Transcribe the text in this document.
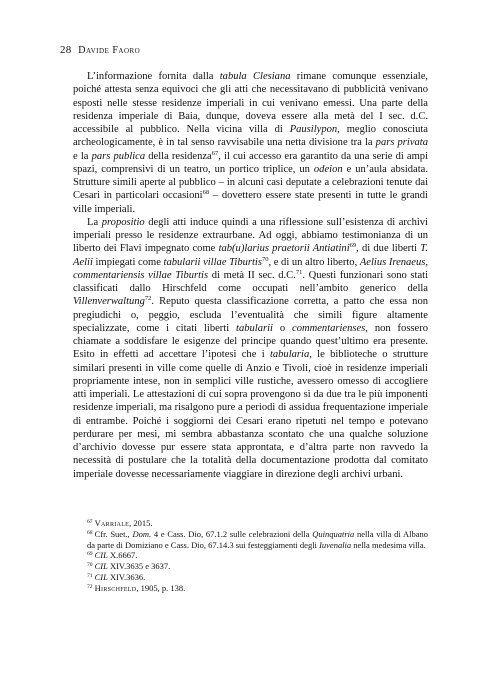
28 Davide Faoro

L’informazione fornita dalla tabula Clesiana rimane comunque essenziale, poiché attesta senza equivoci che gli atti che necessitavano di pubblicità venivano esposti nelle stesse residenze imperiali in cui venivano emessi. Una parte della residenza imperiale di Baia, dunque, doveva essere alla metà del I sec. d.C. accessibile al pubblico. Nella vicina villa di Pausilypon, meglio conosciuta archeologicamente, è in tal senso ravvisabile una netta divisione tra la pars privata e la pars publica della residenza$^{67}$, il cui accesso era garantito da una serie di ampi spazi, comprensivi di un teatro, un portico triplice, un odeion e un’aula absidata. Strutture simili aperte al pubblico – in alcuni casi deputate a celebrazioni tenute dai Cesari in particolari occasioni$^{68}$ – dovettero essere state presenti in tutte le grandi ville imperiali.

La propositio degli atti induce quindi a una riflessione sull’esistenza di archivi imperiali presso le residenze extraurbane. Ad oggi, abbiamo testimonianza di un liberto dei Flavi impegnato come tab(u)larius praetorii Antiatini$^{69}$, di due liberti T. Aelii impiegati come tabularii villae Tiburtis$^{70}$, e di un altro liberto, Aelius Irenaeus, commentariensis villae Tiburtis di metà II sec. d.C.$^{71}$. Questi funzionari sono stati classificati dallo Hirschfeld come occupati nell’ambito generico della Villenverwaltung$^{72}$. Reputo questa classificazione corretta, a patto che essa non pregiudichi o, peggio, escluda l’eventualità che simili figure altamente specializzate, come i citati liberti tabularii o commentarienses, non fossero chiamate a soddisfare le esigenze del principe quando quest’ultimo era presente. Esito in effetti ad accettare l’ipotesi che i tabularia, le biblioteche o strutture similari presenti in ville come quelle di Anzio e Tivoli, cioè in residenze imperiali propriamente intese, non in semplici ville rustiche, avessero omesso di accogliere atti imperiali. Le attestazioni di cui sopra provengono sì da due tra le più imponenti residenze imperiali, ma risalgono pure a periodi di assidua frequentazione imperiale di entrambe. Poiché i soggiorni dei Cesari erano ripetuti nel tempo e potevano perdurare per mesi, mi sembra abbastanza scontato che una qualche soluzione d’archivio dovesse pur essere stata approntata, e d’altra parte non ravvedo la necessità di postulare che la totalità della documentazione prodotta dal comitato imperiale dovesse necessariamente viaggiare in direzione degli archivi urbani.

$^{67}$ Varriale, 2015.

$^{68}$ Cfr. Suet., Dom. 4 e Cass. Dio, 67.1.2 sulle celebrazioni della Quinquatria nella villa di Albano da parte di Domiziano e Cass. Dio, 67.14.3 sui festeggiamenti degli Iuvenalia nella medesima villa.

$^{69}$ CIL X.6667.

$^{70}$ CIL XIV.3635 e 3637.

$^{71}$ CIL XIV.3636.

$^{72}$ Hirschfeld, 1905, p. 138.
